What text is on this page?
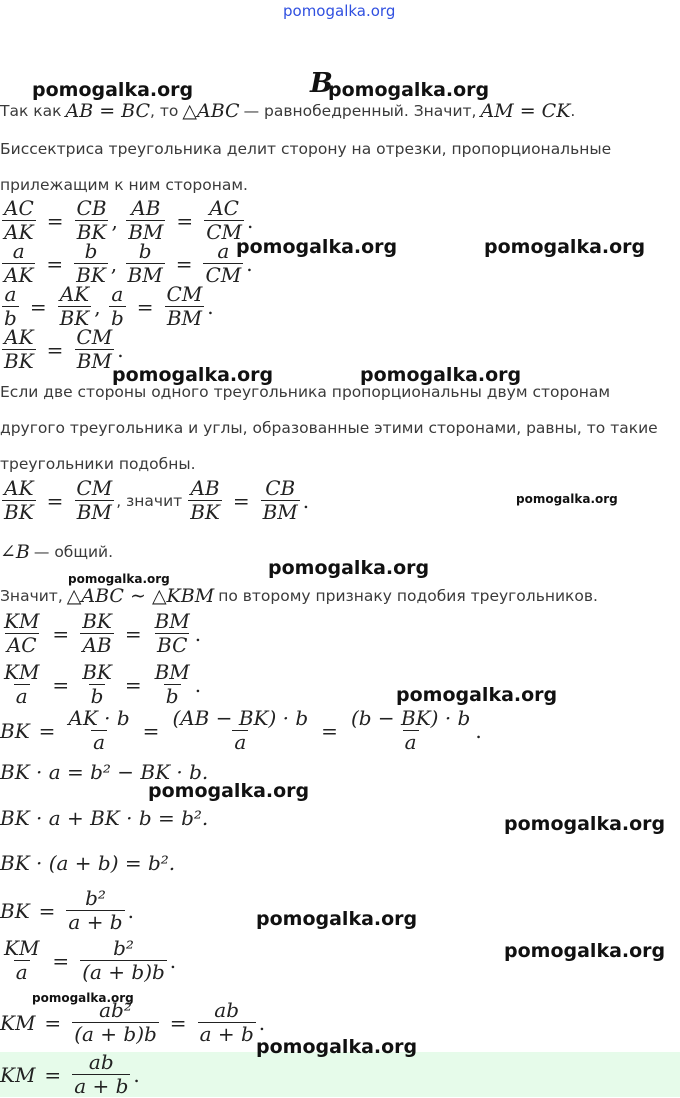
pomogalka.org
pomogalka.org	B
pomogalka.org
pomogalka.org	pomogalka.org
pomogalka.org	pomogalka.org
pomogalka.org
pomogalka.org
pomogalka.org
pomogalka.org
pomogalka.org
pomogalka.org
pomogalka.org
pomogalka.org
pomogalka.org
pomogalka.org
Так как AB = BC , то △ABC — равнобедренный. Значит, AM = CK .
Биссектриса треугольника делит сторону на отрезки, пропорциональные
прилежащим к ним сторонам.
$\frac{AC}{AK} = \frac{CB}{BK}$ ,
$\frac{AB}{BM} = \frac{AC}{CM}$ .
$\frac{a}{AK} = \frac{b}{BK}$ ,
$\frac{b}{BM} = \frac{a}{CM}$ .
$\frac{a}{b} = \frac{AK}{BK}$ ,
$\frac{a}{b} = \frac{CM}{BM}$ .
$\frac{AK}{BK} = \frac{CM}{BM}$ .
Если две стороны одного треугольника пропорциональны двум сторонам
другого треугольника и углы, образованные этими сторонами, равны, то такие
треугольники подобны.
$\frac{AK}{BK} = \frac{CM}{BM}$ , значит $\frac{AB}{BK} = \frac{CB}{BM}$ .
∠B — общий.
Значит, △ABC ∼ △KBM по второму признаку подобия треугольников.
$\frac{KM}{AC} = \frac{BK}{AB} = \frac{BM}{BC}$ .
$\frac{KM}{a} = \frac{BK}{b} = \frac{BM}{b}$ .
BK = $\frac{AK \cdot b}{a} = \frac{(AB - BK) \cdot b}{a} = \frac{(b - BK) \cdot b}{a}$ .
BK · a = b² − BK · b.
BK · a + BK · b = b².
BK · (a + b) = b².
BK = $\frac{\text{b²}}{a + b}$ .
$\frac{KM}{a} = \frac{\text{b²}}{(a + b)b}$ .
KM = $\frac{\text{ab²}}{(a + b)b} = \frac{ab}{a + b}$ .
KM = $\frac{ab}{a + b}$ .
